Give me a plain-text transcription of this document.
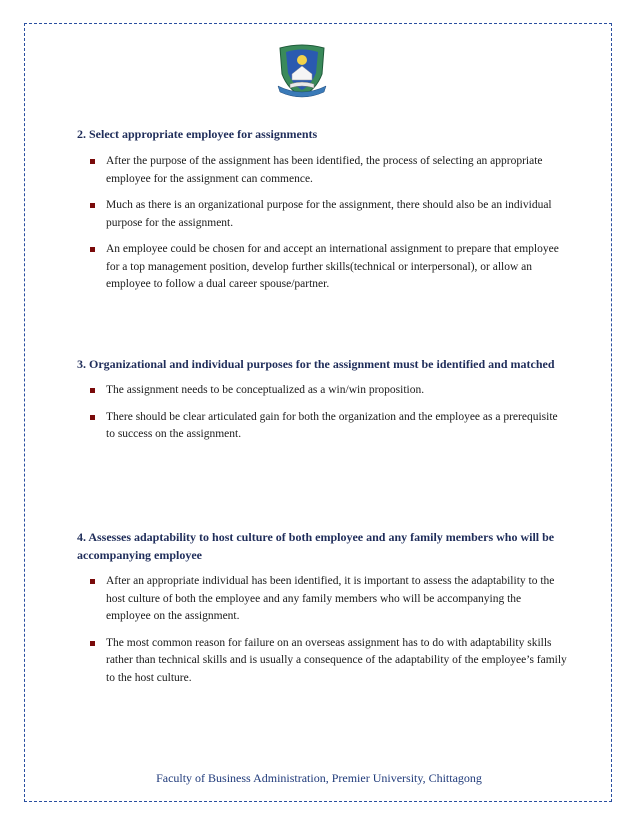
2. Select appropriate employee for assignments

After the purpose of the assignment has been identified, the process of selecting an appropriate employee for the assignment can commence.
Much as there is an organizational purpose for the assignment, there should also be an individual purpose for the assignment.
An employee could be chosen for and accept an international assignment to prepare that employee for a top management position, develop further skills(technical or interpersonal), or allow an employee to follow a dual career spouse/partner.

3. Organizational and individual purposes for the assignment must be identified and matched

The assignment needs to be conceptualized as a win/win proposition.
There should be clear articulated gain for both the organization and the employee as a prerequisite to success on the assignment.

4. Assesses adaptability to host culture of both employee and any family members who will be accompanying employee

After an appropriate individual has been identified, it is important to assess the adaptability to the host culture of both the employee and any family members who will be accompanying the employee on the assignment.
The most common reason for failure on an overseas assignment has to do with adaptability skills rather than technical skills and is usually a consequence of the adaptability of the employee’s family to the host culture.
Faculty of Business Administration, Premier University, Chittagong
